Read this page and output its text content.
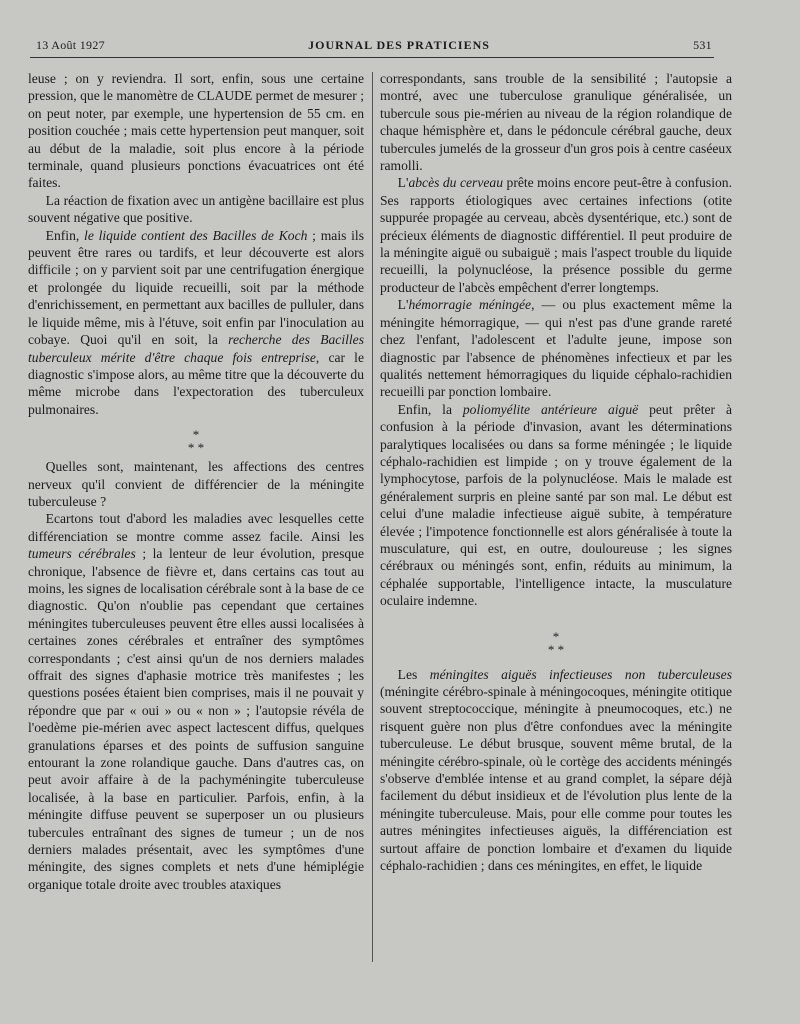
13 Août 1927	JOURNAL DES PRATICIENS	531

leuse ; on y reviendra. Il sort, enfin, sous une certaine pression, que le manomètre de CLAUDE permet de mesurer ; on peut noter, par exemple, une hypertension de 55 cm. en position couchée ; mais cette hypertension peut manquer, soit au début de la maladie, soit plus encore à la période terminale, quand plusieurs ponctions évacuatrices ont été faites.

La réaction de fixation avec un antigène bacillaire est plus souvent négative que positive.

Enfin, le liquide contient des Bacilles de Koch ; mais ils peuvent être rares ou tardifs, et leur découverte est alors difficile ; on y parvient soit par une centrifugation énergique et prolongée du liquide recueilli, soit par la méthode d'enrichissement, en permettant aux bacilles de pulluler, dans le liquide même, mis à l'étuve, soit enfin par l'inoculation au cobaye. Quoi qu'il en soit, la recherche des Bacilles tuberculeux mérite d'être chaque fois entreprise, car le diagnostic s'impose alors, au même titre que la découverte du même microbe dans l'expectoration des tuberculeux pulmonaires.

*
* *

Quelles sont, maintenant, les affections des centres nerveux qu'il convient de différencier de la méningite tuberculeuse ?

Ecartons tout d'abord les maladies avec lesquelles cette différenciation se montre comme assez facile. Ainsi les tumeurs cérébrales ; la lenteur de leur évolution, presque chronique, l'absence de fièvre et, dans certains cas tout au moins, les signes de localisation cérébrale sont à la base de ce diagnostic. Qu'on n'oublie pas cependant que certaines méningites tuberculeuses peuvent être elles aussi localisées à certaines zones cérébrales et entraîner des symptômes correspondants ; c'est ainsi qu'un de nos derniers malades offrait des signes d'aphasie motrice très manifestes ; les questions posées étaient bien comprises, mais il ne pouvait y répondre que par « oui » ou « non » ; l'autopsie révéla de l'oedème pie-mérien avec aspect lactescent diffus, quelques granulations éparses et des points de suffusion sanguine entourant la zone rolandique gauche. Dans d'autres cas, on peut avoir affaire à de la pachyméningite tuberculeuse localisée, à la base en particulier. Parfois, enfin, à la méningite diffuse peuvent se superposer un ou plusieurs tubercules entraînant des signes de tumeur ; un de nos derniers malades présentait, avec les symptômes d'une méningite, des signes complets et nets d'une hémiplégie organique totale droite avec troubles ataxiques

correspondants, sans trouble de la sensibilité ; l'autopsie a montré, avec une tuberculose granulique généralisée, un tubercule sous pie-mérien au niveau de la région rolandique de chaque hémisphère et, dans le pédoncule cérébral gauche, deux tubercules jumelés de la grosseur d'un gros pois à centre caséeux ramolli.

L'abcès du cerveau prête moins encore peut-être à confusion. Ses rapports étiologiques avec certaines infections (otite suppurée propagée au cerveau, abcès dysentérique, etc.) sont de précieux éléments de diagnostic différentiel. Il peut produire de la méningite aiguë ou subaiguë ; mais l'aspect trouble du liquide recueilli, la polynucléose, la présence possible du germe producteur de l'abcès empêchent d'errer longtemps.

L'hémorragie méningée, — ou plus exactement même la méningite hémorragique, — qui n'est pas d'une grande rareté chez l'enfant, l'adolescent et l'adulte jeune, impose son diagnostic par l'absence de phénomènes infectieux et par les qualités nettement hémorragiques du liquide céphalo-rachidien recueilli par ponction lombaire.

Enfin, la poliomyélite antérieure aiguë peut prêter à confusion à la période d'invasion, avant les déterminations paralytiques localisées ou dans sa forme méningée ; le liquide céphalo-rachidien est limpide ; on y trouve également de la lymphocytose, parfois de la polynucléose. Mais le malade est généralement surpris en pleine santé par son mal. Le début est celui d'une maladie infectieuse aiguë subite, à température élevée ; l'impotence fonctionnelle est alors généralisée à toute la musculature, qui est, en outre, douloureuse ; les signes cérébraux ou méningés sont, enfin, réduits au minimum, la céphalée supportable, l'intelligence intacte, la musculature oculaire indemne.

*
* *

Les méningites aiguës infectieuses non tuberculeuses (méningite cérébro-spinale à méningocoques, méningite otitique souvent streptococcique, méningite à pneumocoques, etc.) ne risquent guère non plus d'être confondues avec la méningite tuberculeuse. Le début brusque, souvent même brutal, de la méningite cérébro-spinale, où le cortège des accidents méningés s'observe d'emblée intense et au grand complet, la sépare déjà facilement du début insidieux et de l'évolution plus lente de la méningite tuberculeuse. Mais, pour elle comme pour toutes les autres méningites infectieuses aiguës, la différenciation est surtout affaire de ponction lombaire et d'examen du liquide céphalo-rachidien ; dans ces méningites, en effet, le liquide
